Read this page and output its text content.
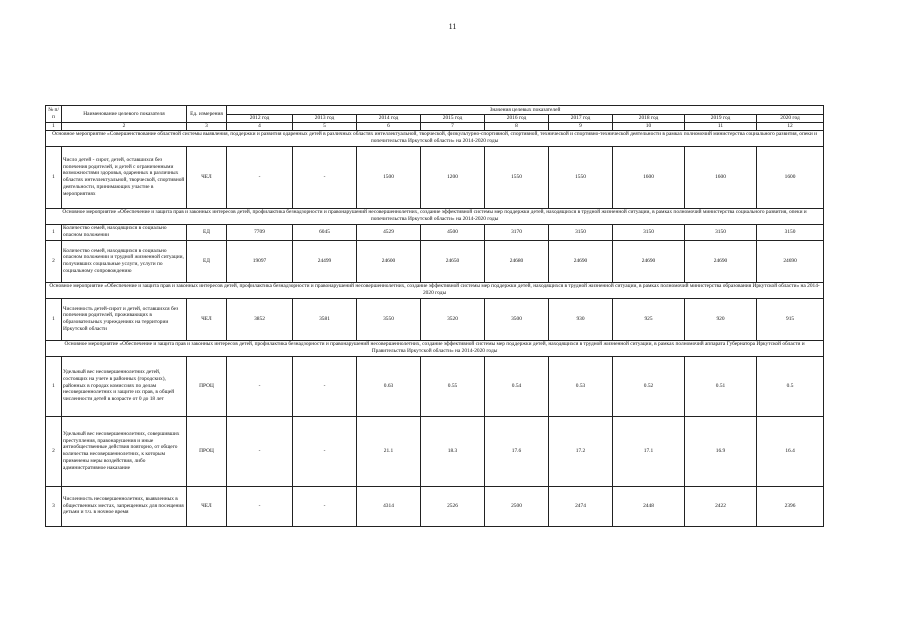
11
№ п/п	Наименование целевого показателя	Ед. измерения	Значения целевых показателей								
			2012 год	2013 год	2014 год	2015 год	2016 год	2017 год	2018 год	2019 год	2020 год
1	2	3	4	5	6	7	8	9	10	11	12
Основное мероприятие «Совершенствование областной системы выявления, поддержки и развития одаренных детей в различных областях интеллектуальной, творческой, физкультурно-спортивной, спортивной, технической и спортивно-технической деятельности в рамках полномочий министерства социального развития, опеки и попечительства Иркутской области» на 2014-2020 годы											
1	Число детей - сирот, детей, оставшихся без попечения родителей, и детей с ограниченными возможностями здоровья, одаренных в различных областях интеллектуальной, творческой, спортивной деятельности, принимающих участие в мероприятиях	ЧЕЛ	-	-	1500	1200	1550	1550	1600	1600	1600
Основное мероприятие «Обеспечение и защита прав и законных интересов детей, профилактика безнадзорности и правонарушений несовершеннолетних, создание эффективной системы мер поддержки детей, находящихся в трудной жизненной ситуации, в рамках полномочий министерства социального развития, опеки и попечительства Иркутской области» на 2014-2020 годы											
1	Количество семей, находящихся в социально опасном положении	ЕД	7709	6045	4529	4500	3170	3150	3150	3150	3150
2	Количество семей, находящихся в социально опасном положении и трудной жизненной ситуации, получивших социальные услуги, услуги по социальному сопровождению	ЕД	19097	24499	24600	24650	24680	24690	24690	24690	24690
Основное мероприятие «Обеспечение и защита прав и законных интересов детей, профилактика безнадзорности и правонарушений несовершеннолетних, создание эффективной системы мер поддержки детей, находящихся в трудной жизненной ситуации, в рамках полномочий министерства образования Иркутской области» на 2014-2020 годы											
1	Численность детей-сирот и детей, оставшихся без попечения родителей, проживающих в образовательных учреждениях на территории Иркутской области	ЧЕЛ	3852	3581	3550	3520	3500	930	925	920	915
Основное мероприятие «Обеспечение и защита прав и законных интересов детей, профилактика безнадзорности и правонарушений несовершеннолетних, создание эффективной системы мер поддержки детей, находящихся в трудной жизненной ситуации, в рамках полномочий аппарата Губернатора Иркутской области и Правительства Иркутской области» на 2014-2020 годы											
1	Удельный вес несовершеннолетних детей, состоящих на учете в районных (городских), районных в городах комиссиях по делам несовершеннолетних и защите их прав, в общей численности детей в возрасте от 0 до 18 лет	ПРОЦ	-	-	0.63	0.55	0.54	0.53	0.52	0.51	0.5
2	Удельный вес несовершеннолетних, совершивших преступления, правонарушения и иные антиобщественные действия повторно, от общего количества несовершеннолетних, к которым применены меры воздействия, либо административное наказание	ПРОЦ	-	-	21.1	18.3	17.6	17.2	17.1	16.9	16.4
3	Численность несовершеннолетних, выявленных в общественных местах, запрещенных для посещения детьми и т.ч. в ночное время	ЧЕЛ	-	-	4314	2526	2500	2474	2448	2422	2396
